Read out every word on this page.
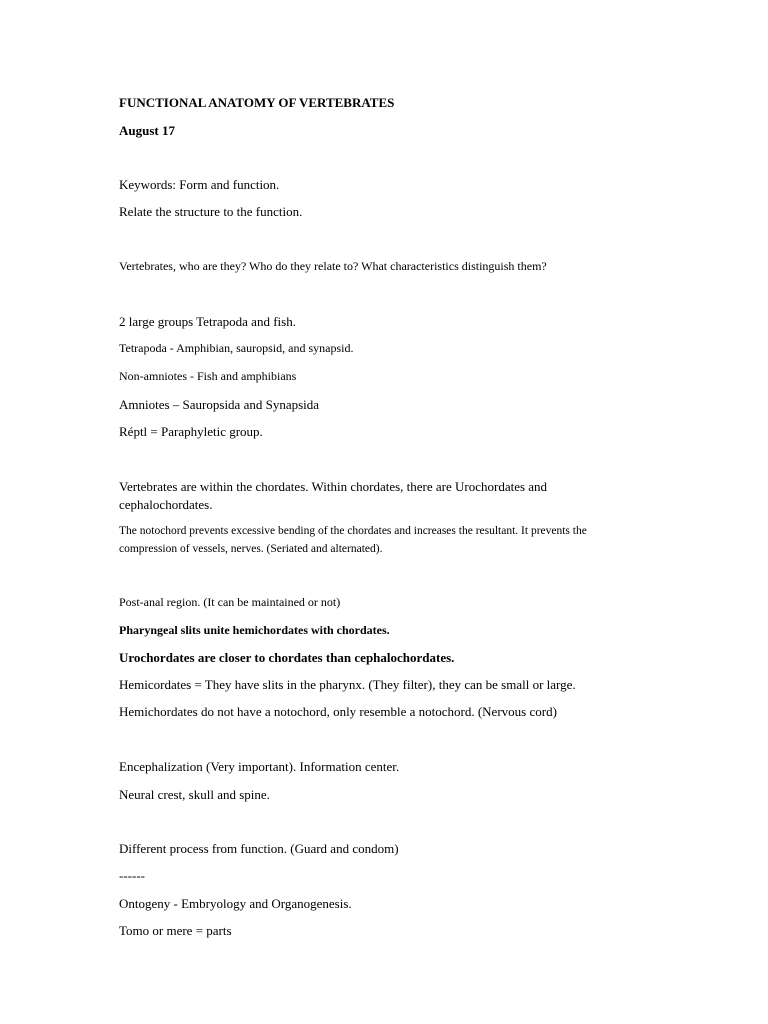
FUNCTIONAL ANATOMY OF VERTEBRATES
August 17
Keywords: Form and function.
Relate the structure to the function.
Vertebrates, who are they? Who do they relate to? What characteristics distinguish them?
2 large groups Tetrapoda and fish.
Tetrapoda - Amphibian, sauropsid, and synapsid.
Non-amniotes - Fish and amphibians
Amniotes – Sauropsida and Synapsida
Réptl = Paraphyletic group.
Vertebrates are within the chordates. Within chordates, there are Urochordates and cephalochordates.
The notochord prevents excessive bending of the chordates and increases the resultant. It prevents the compression of vessels, nerves. (Seriated and alternated).
Post-anal region. (It can be maintained or not)
Pharyngeal slits unite hemichordates with chordates.
Urochordates are closer to chordates than cephalochordates.
Hemicordates = They have slits in the pharynx. (They filter), they can be small or large.
Hemichordates do not have a notochord, only resemble a notochord. (Nervous cord)
Encephalization (Very important). Information center.
Neural crest, skull and spine.
Different process from function. (Guard and condom)
------
Ontogeny - Embryology and Organogenesis.
Tomo or mere = parts
